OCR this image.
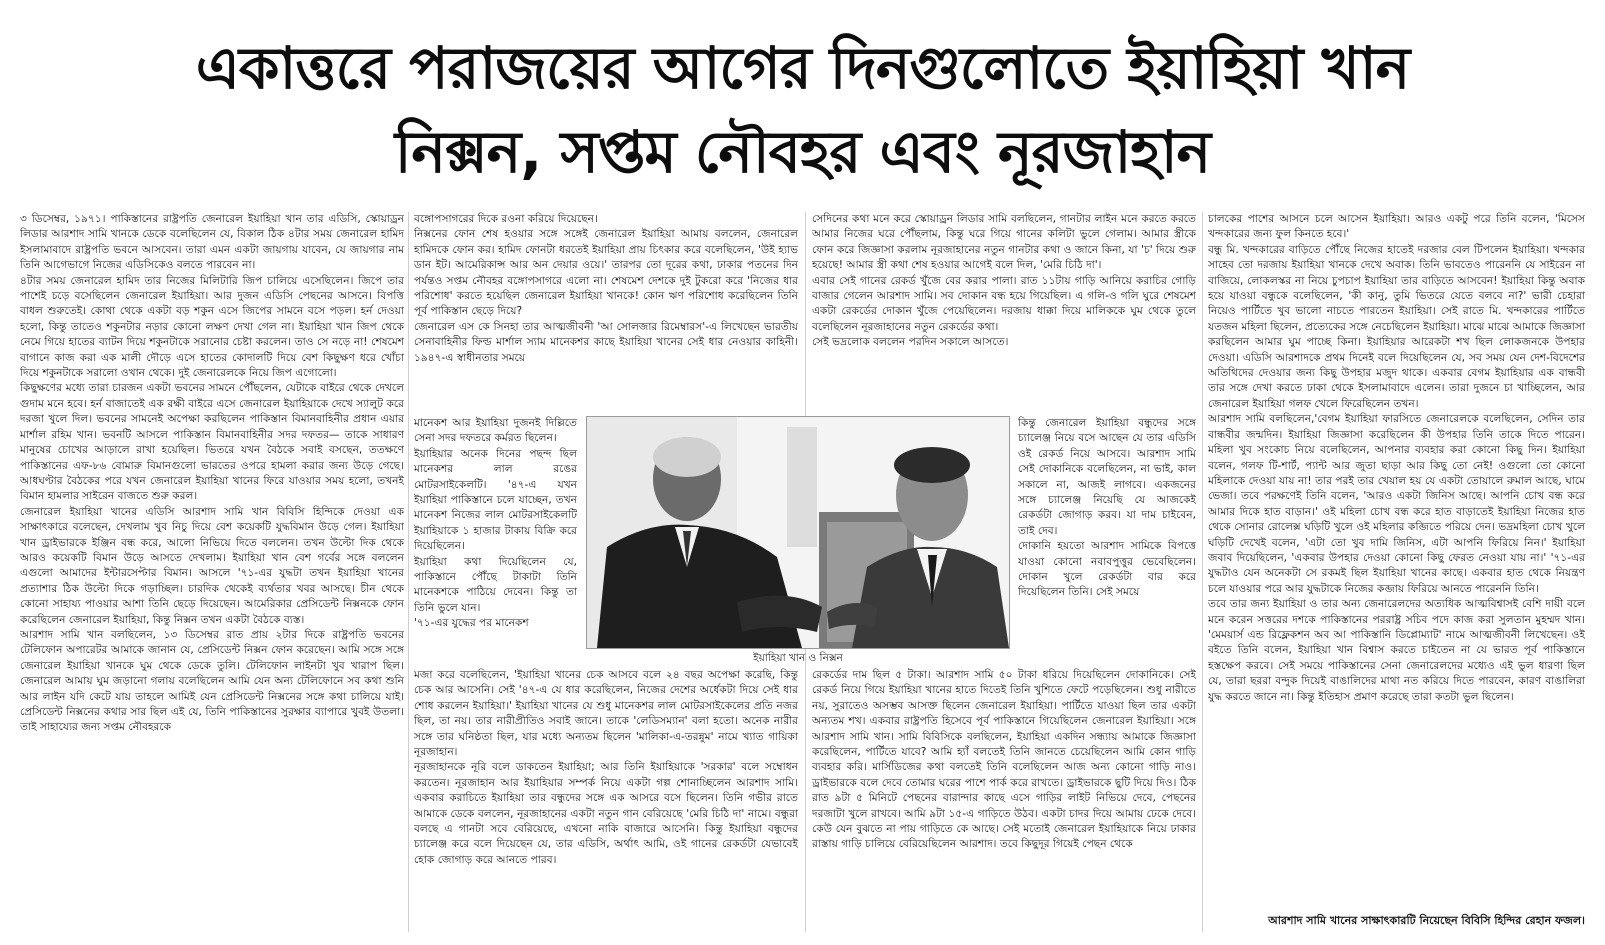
একাত্তরে পরাজয়ের আগের দিনগুলোতে ইয়াহিয়া খান
নিক্সন, সপ্তম নৌবহর এবং নূরজাহান

৩ ডিসেম্বর, ১৯৭১। পাকিস্তানের রাষ্ট্রপতি জেনারেল ইয়াহিয়া খান তার এডিসি, স্কোয়াড্রন লিডার আরশাদ সামি খানকে ডেকে বলেছিলেন যে, বিকাল ঠিক ৪টার সময় জেনারেল হামিদ ইসলামাবাদে রাষ্ট্রপতি ভবনে আসবেন। তারা এমন একটা জায়গায় যাবেন, যে জায়গার নাম তিনি আগেভাগে নিজের এডিসিকেও বলতে পারবেন না।

৪টার সময় জেনারেল হামিদ তার নিজের মিলিটারি জিপ চালিয়ে এসেছিলেন। জিপে তার পাশেই চড়ে বসেছিলেন জেনারেল ইয়াহিয়া। আর দুজন এডিসি পেছনের আসনে। বিপত্তি বাধল শুরুতেই। কোথা থেকে একটা বড় শকুন এসে জিপের সামনে বসে পড়ল। হর্ন দেওয়া হলো, কিন্তু তাতেও শকুনটার নড়ার কোনো লক্ষণ দেখা গেল না। ইয়াহিয়া খান জিপ থেকে নেমে গিয়ে হাতের ব্যাটন দিয়ে শকুনটাকে সরানোর চেষ্টা করলেন। তাও সে নড়ে না! শেষমেশ বাগানে কাজ করা এক মালী দৌড়ে এসে হাতের কোদালটি দিয়ে বেশ কিছুক্ষণ ধরে খোঁচা দিয়ে শকুনটাকে সরালো ওখান থেকে। দুই জেনারেলকে নিয়ে জিপ এগোলো।

কিছুক্ষণের মধ্যে তারা চারজন একটা ভবনের সামনে পৌঁছলেন, যেটাকে বাইরে থেকে দেখলে গুদাম মনে হবে। হর্ন বাজাতেই এক রক্ষী বাইরে এসে জেনারেল ইয়াহিয়াকে দেখে স্যালুট করে দরজা খুলে দিল। ভবনের সামনেই অপেক্ষা করছিলেন পাকিস্তান বিমানবাহিনীর প্রধান এয়ার মার্শাল রহিম খান। ভবনটি আসলে পাকিস্তান বিমানবাহিনীর সদর দফতর— তাকে সাধারণ মানুষের চোখের আড়ালে রাখা হয়েছিল। ভিতরে যখন বৈঠকে সবাই বসছেন, ততক্ষণে পাকিস্তানের এফ-৮৬ বোমারু বিমানগুলো ভারতের ওপরে হামলা করার জন্য উড়ে গেছে। আধঘণ্টার বৈঠকের পরে যখন জেনারেল ইয়াহিয়া খানের ফিরে যাওয়ার সময় হলো, তখনই বিমান হামলার সাইরেন বাজতে শুরু করল।

জেনারেল ইয়াহিয়া খানের এডিসি আরশাদ সামি খান বিবিসি হিন্দিকে দেওয়া এক সাক্ষাৎকারে বলেছেন, দেখলাম খুব নিচু দিয়ে বেশ কয়েকটি যুদ্ধবিমান উড়ে গেল। ইয়াহিয়া খান ড্রাইভারকে ইঞ্জিন বন্ধ করে, আলো নিভিয়ে দিতে বললেন। তখন উল্টো দিক থেকে আরও কয়েকটি বিমান উড়ে আসতে দেখলাম। ইয়াহিয়া খান বেশ গর্বের সঙ্গে বললেন এগুলো আমাদের ইন্টারসেপ্টার বিমান। আসলে '৭১-এর যুদ্ধটা তখন ইয়াহিয়া খানের প্রত্যাশার ঠিক উল্টো দিকে গড়াচ্ছিল। চারদিক থেকেই ব্যর্থতার খবর আসছে। চীন থেকে কোনো সাহায্য পাওয়ার আশা তিনি ছেড়ে দিয়েছেন। আমেরিকার প্রেসিডেন্ট নিক্সনকে ফোন করেছিলেন জেনারেল ইয়াহিয়া, কিন্তু নিক্সন তখন একটা বৈঠকে ব্যস্ত।

আরশাদ সামি খান বলছিলেন, ১৩ ডিসেম্বর রাত প্রায় ২টার দিকে রাষ্ট্রপতি ভবনের টেলিফোন অপারেটর আমাকে জানান যে, প্রেসিডেন্ট নিক্সন ফোন করেছেন। আমি সঙ্গে সঙ্গে জেনারেল ইয়াহিয়া খানকে ঘুম থেকে ডেকে তুলি। টেলিফোন লাইনটা খুব খারাপ ছিল। জেনারেল আমায় ঘুম জড়ানো গলায় বলেছিলেন আমি যেন অন্য টেলিফোনে সব কথা শুনি আর লাইন যদি কেটে যায় তাহলে আমিই যেন প্রেসিডেন্ট নিক্সনের সঙ্গে কথা চালিয়ে যাই। প্রেসিডেন্ট নিক্সনের কথার সার ছিল এই যে, তিনি পাকিস্তানের সুরক্ষার ব্যাপারে খুবই উতলা। তাই সাহায্যের জন্য সপ্তম নৌবহরকে

বঙ্গোপসাগরের দিকে রওনা করিয়ে দিয়েছেন।

নিক্সনের ফোন শেষ হওয়ার সঙ্গে সঙ্গেই জেনারেল ইয়াহিয়া আমায় বললেন, জেনারেল হামিদকে ফোন কর। হামিদ ফোনটা ধরতেই ইয়াহিয়া প্রায় চিৎকার করে বলেছিলেন, 'উই হ্যাভ ডান ইট। আমেরিকান্স আর অন দেয়ার ওয়ে।' তারপর তো দূরের কথা, ঢাকার পতনের দিন পর্যন্তও সপ্তম নৌবহর বঙ্গোপসাগরে এলো না। শেষমেশ দেশকে দুই টুকরো করে 'নিজের ধার পরিশোধ' করতে হয়েছিল জেনারেল ইয়াহিয়া খানকে! কোন ঋণ পরিশোধ করেছিলেন তিনি পূর্ব পাকিস্তান ছেড়ে দিয়ে?

জেনারেল এস কে সিনহা তার আত্মজীবনী 'আ সোলজার রিমেম্বারস'-এ লিখেছেন ভারতীয় সেনাবাহিনীর ফিল্ড মার্শাল স্যাম মানেকশর কাছে ইয়াহিয়া খানের সেই ধার নেওয়ার কাহিনী। ১৯৪৭-এ স্বাধীনতার সময়ে

মানেকশ আর ইয়াহিয়া দুজনই দিল্লিতে সেনা সদর দফতরে কর্মরত ছিলেন।

ইয়াহিয়ার অনেক দিনের পছন্দ ছিল মানেকশর লাল রঙের মোটরসাইকেলটি। '৪৭-এ যখন ইয়াহিয়া পাকিস্তানে চলে যাচ্ছেন, তখন মানেকশ নিজের লাল মোটরসাইকেলটি ইয়াহিয়াকে ১ হাজার টাকায় বিক্রি করে দিয়েছিলেন।

ইয়াহিয়া কথা দিয়েছিলেন যে, পাকিস্তানে পৌঁছে টাকাটা তিনি মানেকশকে পাঠিয়ে দেবেন। কিন্তু তা তিনি ভুলে যান।

'৭১-এর যুদ্ধের পর মানেকশ

মজা করে বলেছিলেন, 'ইয়াহিয়া খানের চেক আসবে বলে ২৪ বছর অপেক্ষা করেছি, কিন্তু চেক আর আসেনি। সেই '৪৭-এ যে ধার করেছিলেন, নিজের দেশের অর্ধেকটা দিয়ে সেই ধার শোধ করলেন ইয়াহিয়া।' ইয়াহিয়া খানের যে শুধু মানেকশর লাল মোটরসাইকেলের প্রতি নজর ছিল, তা নয়। তার নারীপ্রীতিও সবাই জানে। তাকে 'লেডিসম্যান' বলা হতো। অনেক নারীর সঙ্গে তার ঘনিষ্ঠতা ছিল, যার মধ্যে অন্যতম ছিলেন 'মালিকা-এ-তরন্নুম' নামে খ্যাত গায়িকা নূরজাহান।

নূরজাহানকে নূরি বলে ডাকতেন ইয়াহিয়া; আর তিনি ইয়াহিয়াকে 'সরকার' বলে সম্বোধন করতেন। নূরজাহান আর ইয়াহিয়ার সম্পর্ক নিয়ে একটা গল্প শোনাচ্ছিলেন আরশাদ সামি। একবার করাচিতে ইয়াহিয়া তার বন্ধুদের সঙ্গে এক আসরে বসে ছিলেন। তিনি গভীর রাতে আমাকে ডেকে বললেন, নূরজাহানের একটা নতুন গান বেরিয়েছে 'মেরি চিঠি দা' নামে। বন্ধুরা বলছে এ গানটা সবে বেরিয়েছে, এখনো নাকি বাজারে আসেনি। কিন্তু ইয়াহিয়া বন্ধুদের চ্যালেঞ্জ করে বলে দিয়েছেন যে, তার এডিসি, অর্থাৎ আমি, ওই গানের রেকর্ডটা যেভাবেই হোক জোগাড় করে আনতে পারব।

সেদিনের কথা মনে করে স্কোয়াড্রন লিডার সামি বলছিলেন, গানটার লাইন মনে করতে করতে আমার নিজের ঘরে পৌঁছলাম, কিন্তু ঘরে গিয়ে গানের কলিটা ভুলে গেলাম। আমার স্ত্রীকে ফোন করে জিজ্ঞাসা করলাম নূরজাহানের নতুন গানটার কথা ও জানে কিনা, যা 'চ' দিয়ে শুরু হয়েছে! আমার স্ত্রী কথা শেষ হওয়ার আগেই বলে দিল, 'মেরি চিঠি দা'।

এবার সেই গানের রেকর্ড খুঁজে বের করার পালা। রাত ১১টায় গাড়ি আনিয়ে করাচির গোড়ি বাজার গেলেন আরশাদ সামি। সব দোকান বন্ধ হয়ে গিয়েছিল। এ গলি-ও গলি ঘুরে শেষমেশ একটা রেকর্ডের দোকান খুঁজে পেয়েছিলেন। দরজায় ধাক্কা দিয়ে মালিককে ঘুম থেকে তুলে বলেছিলেন নূরজাহানের নতুন রেকর্ডের কথা।

সেই ভদ্রলোক বললেন পরদিন সকালে আসতে।

কিন্তু জেনারেল ইয়াহিয়া বন্ধুদের সঙ্গে চ্যালেঞ্জ নিয়ে বসে আছেন যে তার এডিসি ওই রেকর্ড নিয়ে আসবে। আরশাদ সামি সেই দোকানিকে বলেছিলেন, না ভাই, কাল সকালে না, আজই লাগবে। একজনের সঙ্গে চ্যালেঞ্জ নিয়েছি যে আজকেই রেকর্ডটা জোগাড় করব। যা দাম চাইবেন, তাই দেব।

দোকানি হয়তো আরশাদ সামিকে বিপত্তে যাওয়া কোনো নবাবপুত্তুর ভেবেছিলেন। দোকান খুলে রেকর্ডটা বার করে দিয়েছিলেন তিনি। সেই সময়ে

রেকর্ডের দাম ছিল ৫ টাকা। আরশাদ সামি ৫০ টাকা ধরিয়ে দিয়েছিলেন দোকানিকে। সেই রেকর্ড নিয়ে গিয়ে ইয়াহিয়া খানের হাতে দিতেই তিনি খুশিতে ফেটে পড়েছিলেন। শুধু নারীতে নয়, সুরাতেও অসম্ভব আসক্ত ছিলেন জেনারেল ইয়াহিয়া। পার্টিতে যাওয়া ছিল তার একটা অন্যতম শখ। একবার রাষ্ট্রপতি হিসেবে পূর্ব পাকিস্তানে গিয়েছিলেন জেনারেল ইয়াহিয়া। সঙ্গে আরশাদ সামি খান। সামি বিবিসিকে বলছিলেন, ইয়াহিয়া একদিন সন্ধ্যায় আমাকে জিজ্ঞাসা করেছিলেন, পার্টিতে যাবে? আমি হ্যাঁ বলতেই তিনি জানতে চেয়েছিলেন আমি কোন গাড়ি ব্যবহার করি। মার্সিডিজের কথা বলতেই তিনি বলেছিলেন আজ অন্য কোনো গাড়ি নাও। ড্রাইভারকে বলে দেবে তোমার ঘরের পাশে পার্ক করে রাখতে। ড্রাইভারকে ছুটি দিয়ে দিও। ঠিক রাত ৯টা ৫ মিনিটে পেছনের বারান্দার কাছে এসে গাড়ির লাইট নিভিয়ে দেবে, পেছনের দরজাটা খুলে রাখবে। আমি ৯টা ১৫-এ গাড়িতে উঠব। একটা চাদর দিয়ে আমায় ঢেকে দেবে। কেউ যেন বুঝতে না পায় গাড়িতে কে আছে। সেই মতোই জেনারেল ইয়াহিয়াকে নিয়ে ঢাকার রাস্তায় গাড়ি চালিয়ে বেরিয়েছিলেন আরশাদ। তবে কিছুদূর গিয়েই পেছন থেকে

চালকের পাশের আসনে চলে আসেন ইয়াহিয়া। আরও একটু পরে তিনি বলেন, 'মিসেস খন্দকারের জন্য ফুল কিনতে হবে।'

বন্ধু মি. খন্দকারের বাড়িতে পৌঁছে নিজের হাতেই দরজার বেল টিপলেন ইয়াহিয়া। খন্দকার সাহেব তো দরজায় ইয়াহিয়া খানকে দেখে অবাক। তিনি ভাবতেও পারেননি যে সাইরেন না বাজিয়ে, লোকলস্কর না নিয়ে চুপচাপ ইয়াহিয়া তার বাড়িতে আসবেন! ইয়াহিয়া কিন্তু অবাক হয়ে যাওয়া বন্ধুকে বলেছিলেন, 'কী কানু, তুমি ভিতরে যেতে বলবে না?' ভারী চেহারা নিয়েও পার্টিতে খুব ভালো নাচতে পারতেন ইয়াহিয়া। সেই রাতে মি. খন্দকারের পার্টিতে যতজন মহিলা ছিলেন, প্রত্যেকের সঙ্গে নেচেছিলেন ইয়াহিয়া। মাঝে মাঝে আমাকে জিজ্ঞাসা করছিলেন আমার ঘুম পাচ্ছে কিনা। ইয়াহিয়ার আরেকটা শখ ছিল লোকজনকে উপহার দেওয়া। এডিসি আরশাদকে প্রথম দিনেই বলে দিয়েছিলেন যে, সব সময় যেন দেশ-বিদেশের অতিথিদের দেওয়ার জন্য কিছু উপহার মজুদ থাকে। একবার বেগম ইয়াহিয়ার এক বান্ধবী তার সঙ্গে দেখা করতে ঢাকা থেকে ইসলামাবাদে এলেন। তারা দুজনে চা খাচ্ছিলেন, আর জেনারেল ইয়াহিয়া গলফ খেলে ফিরেছিলেন তখন।

আরশাদ সামি বলছিলেন,'বেগম ইয়াহিয়া ফারসিতে জেনারেলকে বলেছিলেন, সেদিন তার বান্ধবীর জন্মদিন। ইয়াহিয়া জিজ্ঞাসা করেছিলেন কী উপহার তিনি তাকে দিতে পারেন। মহিলা খুব সংকোচ নিয়ে বলেছিলেন, আপনার ব্যবহার করা কোনো কিছু দিন। ইয়াহিয়া বলেন, গলফ টি-শার্ট, প্যান্ট আর জুতা ছাড়া আর কিছু তো নেই! ওগুলো তো কোনো মহিলাকে দেওয়া যায় না! তার পরই তার খেয়াল হয় যে একটা তোয়ালে রুমাল আছে, ঘামে ভেজা। তবে পরক্ষণেই তিনি বলেন, 'আরও একটা জিনিস আছে। আপনি চোখ বন্ধ করে আমার দিকে হাত বাড়ান।' ওই মহিলা চোখ বন্ধ করে হাত বাড়াতেই ইয়াহিয়া নিজের হাত থেকে সোনার রোলেক্স ঘড়িটি খুলে ওই মহিলার কব্জিতে পরিয়ে দেন। ভদ্রমহিলা চোখ খুলে ঘড়িটি দেখেই বলেন, 'এটা তো খুব দামি জিনিস, এটা আপনি ফিরিয়ে নিন।' ইয়াহিয়া জবাব দিয়েছিলেন, 'একবার উপহার দেওয়া কোনো কিছু ফেরত নেওয়া যায় না।' '৭১-এর যুদ্ধটাও যেন অনেকটা সে রকমই ছিল ইয়াহিয়া খানের কাছে। একবার হাত থেকে নিয়ন্ত্রণ চলে যাওয়ার পরে আর যুদ্ধটাকে নিজের কব্জায় ফিরিয়ে আনতে পারেননি তিনি।

তবে তার জন্য ইয়াহিয়া ও তার অন্য জেনারেলদের অত্যধিক আত্মবিশ্বাসই বেশি দায়ী বলে মনে করেন সত্তরের দশকে পাকিস্তানের পররাষ্ট্র সচিব পদে কাজ করা সুলতান মুহম্মদ খান। 'মেময়ার্স এন্ড রিফ্লেকশন অব আ পাকিস্তানি ডিপ্লোম্যাট' নামে আত্মজীবনী লিখেছেন। ওই বইতে তিনি বলেন, ইয়াহিয়া খান বিশ্বাস করতে চাইতেন না যে ভারত পূর্ব পাকিস্তানে হস্তক্ষেপ করবে। সেই সময়ে পাকিস্তানের সেনা জেনারেলদের মধ্যেও এই ভুল ধারণা ছিল যে, তারা ছররা বন্দুক দিয়েই বাঙালিদের মাথা নত করিয়ে দিতে পারবেন, কারণ বাঙালিরা যুদ্ধ করতে জানে না। কিন্তু ইতিহাস প্রমাণ করেছে তারা কতটা ভুল ছিলেন।

ইয়াহিয়া খান ও নিক্সন
আরশাদ সামি খানের সাক্ষাৎকারটি নিয়েছেন বিবিসি হিন্দির রেহান ফজল।
